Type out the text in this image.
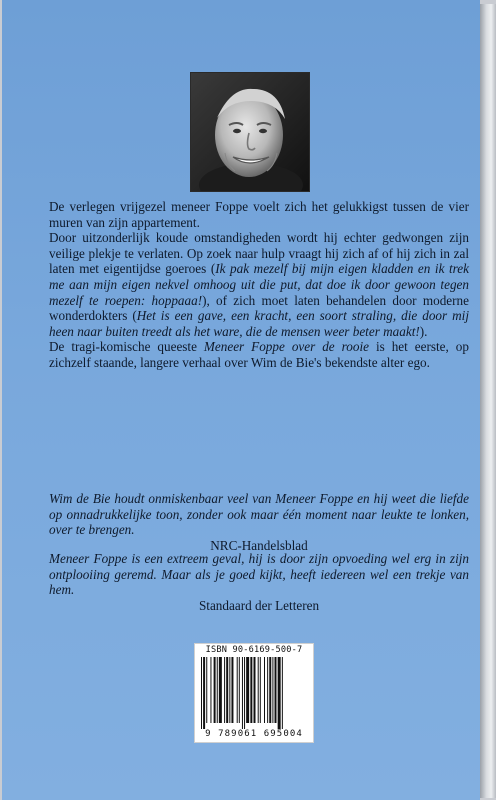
De verlegen vrijgezel meneer Foppe voelt zich het gelukkigst tussen de vier muren van zijn appartement.

Door uitzonderlijk koude omstandigheden wordt hij echter gedwongen zijn veilige plekje te verlaten. Op zoek naar hulp vraagt hij zich af of hij zich in zal laten met eigentijdse goeroes (Ik pak mezelf bij mijn eigen kladden en ik trek me aan mijn eigen nekvel omhoog uit die put, dat doe ik door gewoon tegen mezelf te roepen: hoppaaa!), of zich moet laten behandelen door moderne wonderdokters (Het is een gave, een kracht, een soort straling, die door mij heen naar buiten treedt als het ware, die de mensen weer beter maakt!).

De tragi-komische queeste Meneer Foppe over de rooie is het eerste, op zichzelf staande, langere verhaal over Wim de Bie's bekendste alter ego.

Wim de Bie houdt onmiskenbaar veel van Meneer Foppe en hij weet die liefde op onnadrukkelijke toon, zonder ook maar één moment naar leukte te lonken, over te brengen.

NRC-Handelsblad

Meneer Foppe is een extreem geval, hij is door zijn opvoeding wel erg in zijn ontplooiing geremd. Maar als je goed kijkt, heeft iedereen wel een trekje van hem.

Standaard der Letteren

ISBN 90-6169-500-7
9 789061 695004
